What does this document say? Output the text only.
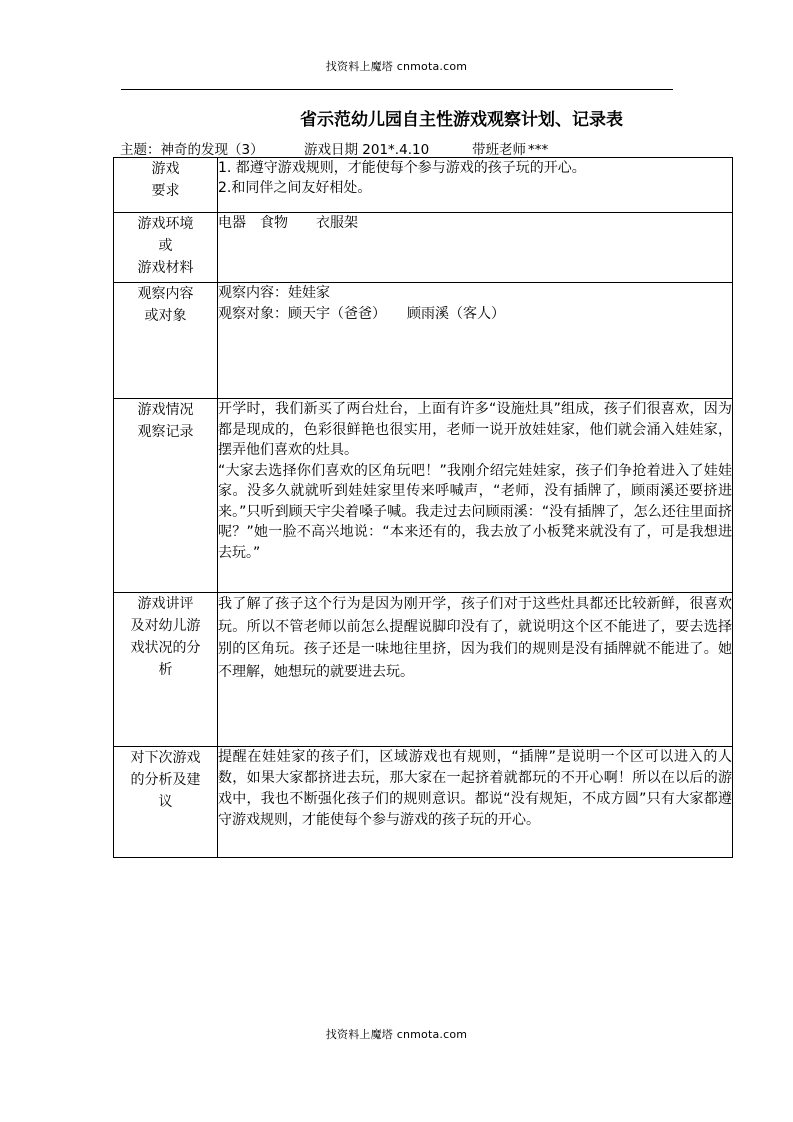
找资料上魔塔 cnmota.com
省示范幼儿园自主性游戏观察计划、记录表
主题：神奇的发现（3）	游戏日期 201*.4.10	带班老师 ***
游戏
要求	1. 都遵守游戏规则，才能使每个参与游戏的孩子玩的开心。
2.和同伴之间友好相处。

游戏环境
或
游戏材料	电器　食物　　衣服架

观察内容
或对象	观察内容：娃娃家
观察对象：顾天宇（爸爸）　　顾雨溪（客人）

游戏情况
观察记录	开学时，我们新买了两台灶台，上面有许多“设施灶具”组成，孩子们很喜欢，因为都是现成的，色彩很鲜艳也很实用，老师一说开放娃娃家，他们就会涌入娃娃家，摆弄他们喜欢的灶具。
“大家去选择你们喜欢的区角玩吧！”我刚介绍完娃娃家，孩子们争抢着进入了娃娃家。没多久就就听到娃娃家里传来呼喊声，“老师，没有插牌了，顾雨溪还要挤进来。”只听到顾天宇尖着嗓子喊。我走过去问顾雨溪：“没有插牌了，怎么还往里面挤呢？”她一脸不高兴地说：“本来还有的，我去放了小板凳来就没有了，可是我想进去玩。”

游戏讲评
及对幼儿游
戏状况的分
析	我了解了孩子这个行为是因为刚开学，孩子们对于这些灶具都还比较新鲜，很喜欢玩。所以不管老师以前怎么提醒说脚印没有了，就说明这个区不能进了，要去选择别的区角玩。孩子还是一味地往里挤，因为我们的规则是没有插牌就不能进了。她不理解，她想玩的就要进去玩。

对下次游戏
的分析及建
议	提醒在娃娃家的孩子们，区域游戏也有规则，“插牌”是说明一个区可以进入的人数，如果大家都挤进去玩，那大家在一起挤着就都玩的不开心啊！所以在以后的游戏中，我也不断强化孩子们的规则意识。都说“没有规矩，不成方圆”只有大家都遵守游戏规则，才能使每个参与游戏的孩子玩的开心。
找资料上魔塔 cnmota.com
